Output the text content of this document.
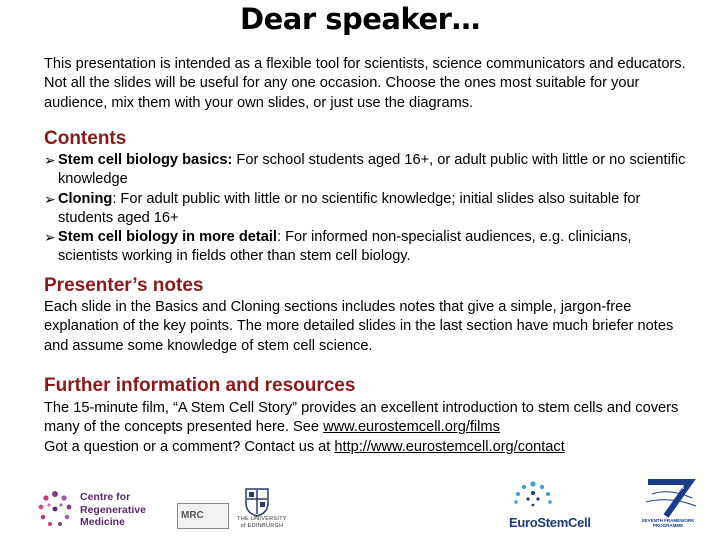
Dear speaker…
This presentation is intended as a flexible tool for scientists, science communicators and educators. Not all the slides will be useful for any one occasion. Choose the ones most suitable for your audience, mix them with your own slides, or just use the diagrams.
Contents
➢ Stem cell biology basics: For school students aged 16+, or adult public with little or no scientific knowledge
➢ Cloning: For adult public with little or no scientific knowledge; initial slides also suitable for students aged 16+
➢ Stem cell biology in more detail: For informed non-specialist audiences, e.g. clinicians, scientists working in fields other than stem cell biology.
Presenter’s notes
Each slide in the Basics and Cloning sections includes notes that give a simple, jargon-free explanation of the key points. The more detailed slides in the last section have much briefer notes and assume some knowledge of stem cell science.
Further information and resources
The 15-minute film, “A Stem Cell Story” provides an excellent introduction to stem cells and covers many of the concepts presented here. See www.eurostemcell.org/films
Got a question or a comment? Contact us at http://www.eurostemcell.org/contact
Centre for
Regenerative
Medicine
MRC	THE UNIVERSITY
of EDINBURGH	EuroStemCell	SEVENTH FRAMEWORK
PROGRAMME
